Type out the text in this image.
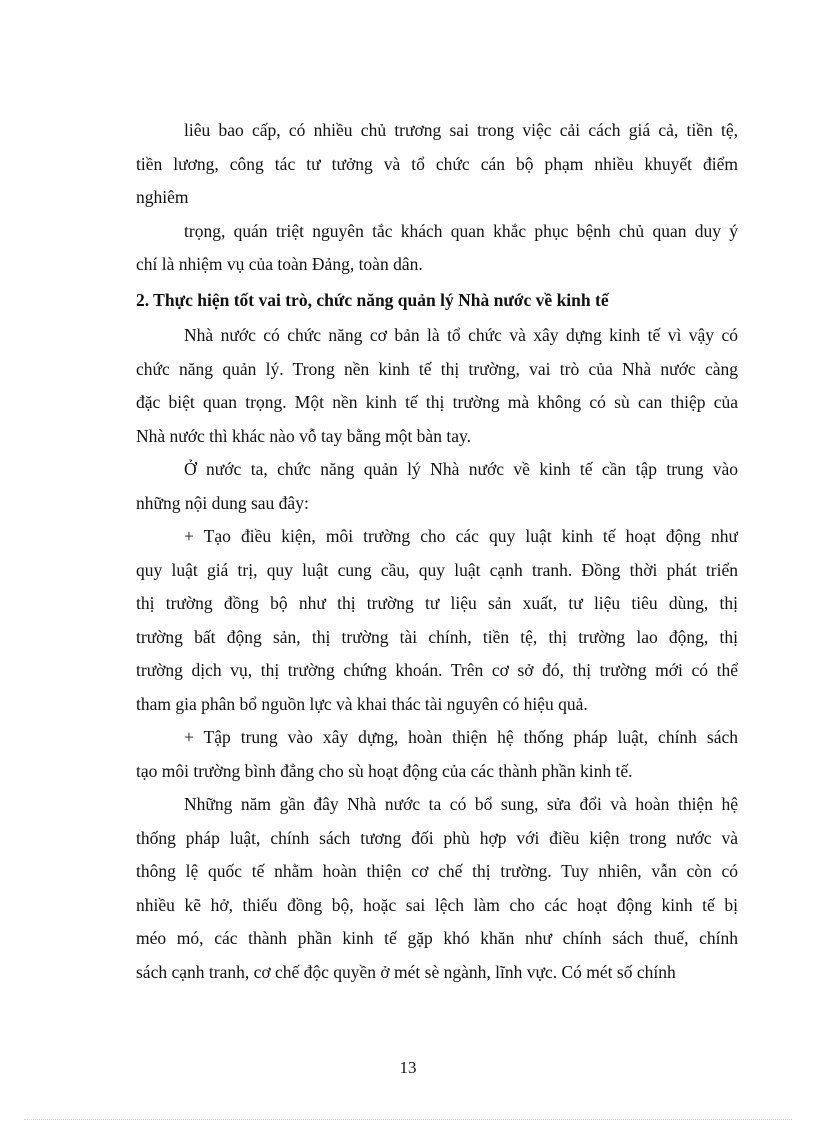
liêu bao cấp, có nhiều chủ trương sai trong việc cải cách giá cả, tiền tệ,
tiền lương, công tác tư tưởng và tổ chức cán bộ phạm nhiều khuyết điểm
nghiêm
trọng, quán triệt nguyên tắc khách quan khắc phục bệnh chủ quan duy ý
chí là nhiệm vụ của toàn Đảng, toàn dân.
2. Thực hiện tốt vai trò, chức năng quản lý Nhà nước về kinh tế
Nhà nước có chức năng cơ bản là tổ chức và xây dựng kinh tế vì vậy có
chức năng quản lý. Trong nền kinh tế thị trường, vai trò của Nhà nước càng
đặc biệt quan trọng. Một nền kinh tế thị trường mà không có sù can thiệp của
Nhà nước thì khác nào vỗ tay bằng một bàn tay.
Ở nước ta, chức năng quản lý Nhà nước về kinh tế cần tập trung vào
những nội dung sau đây:
+ Tạo điều kiện, môi trường cho các quy luật kinh tế hoạt động như
quy luật giá trị, quy luật cung cầu, quy luật cạnh tranh. Đồng thời phát triển
thị trường đồng bộ như thị trường tư liệu sản xuất, tư liệu tiêu dùng, thị
trường bất động sản, thị trường tài chính, tiền tệ, thị trường lao động, thị
trường dịch vụ, thị trường chứng khoán. Trên cơ sở đó, thị trường mới có thể
tham gia phân bổ nguồn lực và khai thác tài nguyên có hiệu quả.
+ Tập trung vào xây dựng, hoàn thiện hệ thống pháp luật, chính sách
tạo môi trường bình đẳng cho sù hoạt động của các thành phần kinh tế.
Những năm gần đây Nhà nước ta có bổ sung, sửa đổi và hoàn thiện hệ
thống pháp luật, chính sách tương đối phù hợp với điều kiện trong nước và
thông lệ quốc tế nhằm hoàn thiện cơ chế thị trường. Tuy nhiên, vẫn còn có
nhiều kẽ hở, thiếu đồng bộ, hoặc sai lệch làm cho các hoạt động kinh tế bị
méo mó, các thành phần kinh tế gặp khó khăn như chính sách thuế, chính
sách cạnh tranh, cơ chế độc quyền ở mét sè ngành, lĩnh vực. Có mét số chính
13
